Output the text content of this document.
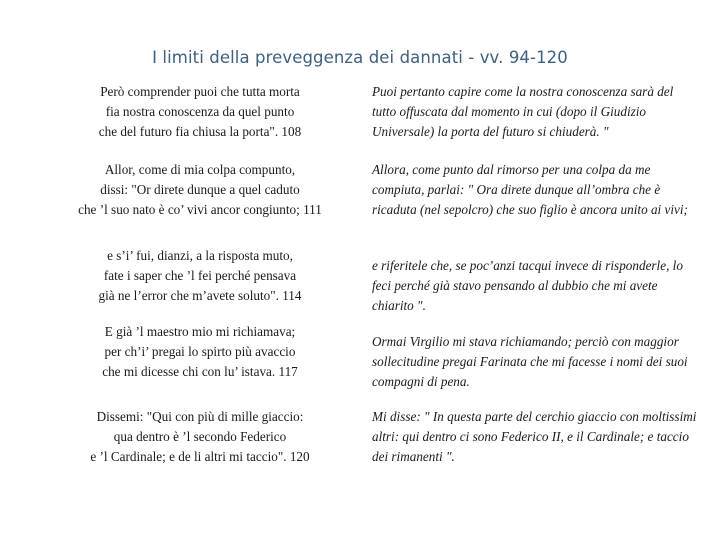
I limiti della preveggenza dei dannati - vv. 94-120
Però comprender puoi che tutta morta
fia nostra conoscenza da quel punto
che del futuro fia chiusa la porta". 108
Puoi pertanto capire come la nostra conoscenza sarà del tutto offuscata dal momento in cui (dopo il Giudizio Universale) la porta del futuro si chiuderà. "
Allor, come di mia colpa compunto,
dissi: "Or direte dunque a quel caduto
che ’l suo nato è co’ vivi ancor congiunto; 111
Allora, come punto dal rimorso per una colpa da me compiuta, parlai: " Ora direte dunque all’ombra che è ricaduta (nel sepolcro) che suo figlio è ancora unito ai vivi;
e s’i’ fui, dianzi, a la risposta muto,
fate i saper che ’l fei perché pensava
già ne l’error che m’avete soluto". 114
e riferitele che, se poc’anzi tacqui invece di risponderle, lo feci perché già stavo pensando al dubbio che mi avete chiarito ".
E già ’l maestro mio mi richiamava;
per ch’i’ pregai lo spirto più avaccio
che mi dicesse chi con lu’ istava. 117
Ormai Virgilio mi stava richiamando; perciò con maggior sollecitudine pregai Farinata che mi facesse i nomi dei suoi compagni di pena.
Dissemi: "Qui con più di mille giaccio:
qua dentro è ’l secondo Federico
e ’l Cardinale; e de li altri mi taccio". 120
Mi disse: " In questa parte del cerchio giaccio con moltissimi altri: qui dentro ci sono Federico II, e il Cardinale; e taccio dei rimanenti ".
